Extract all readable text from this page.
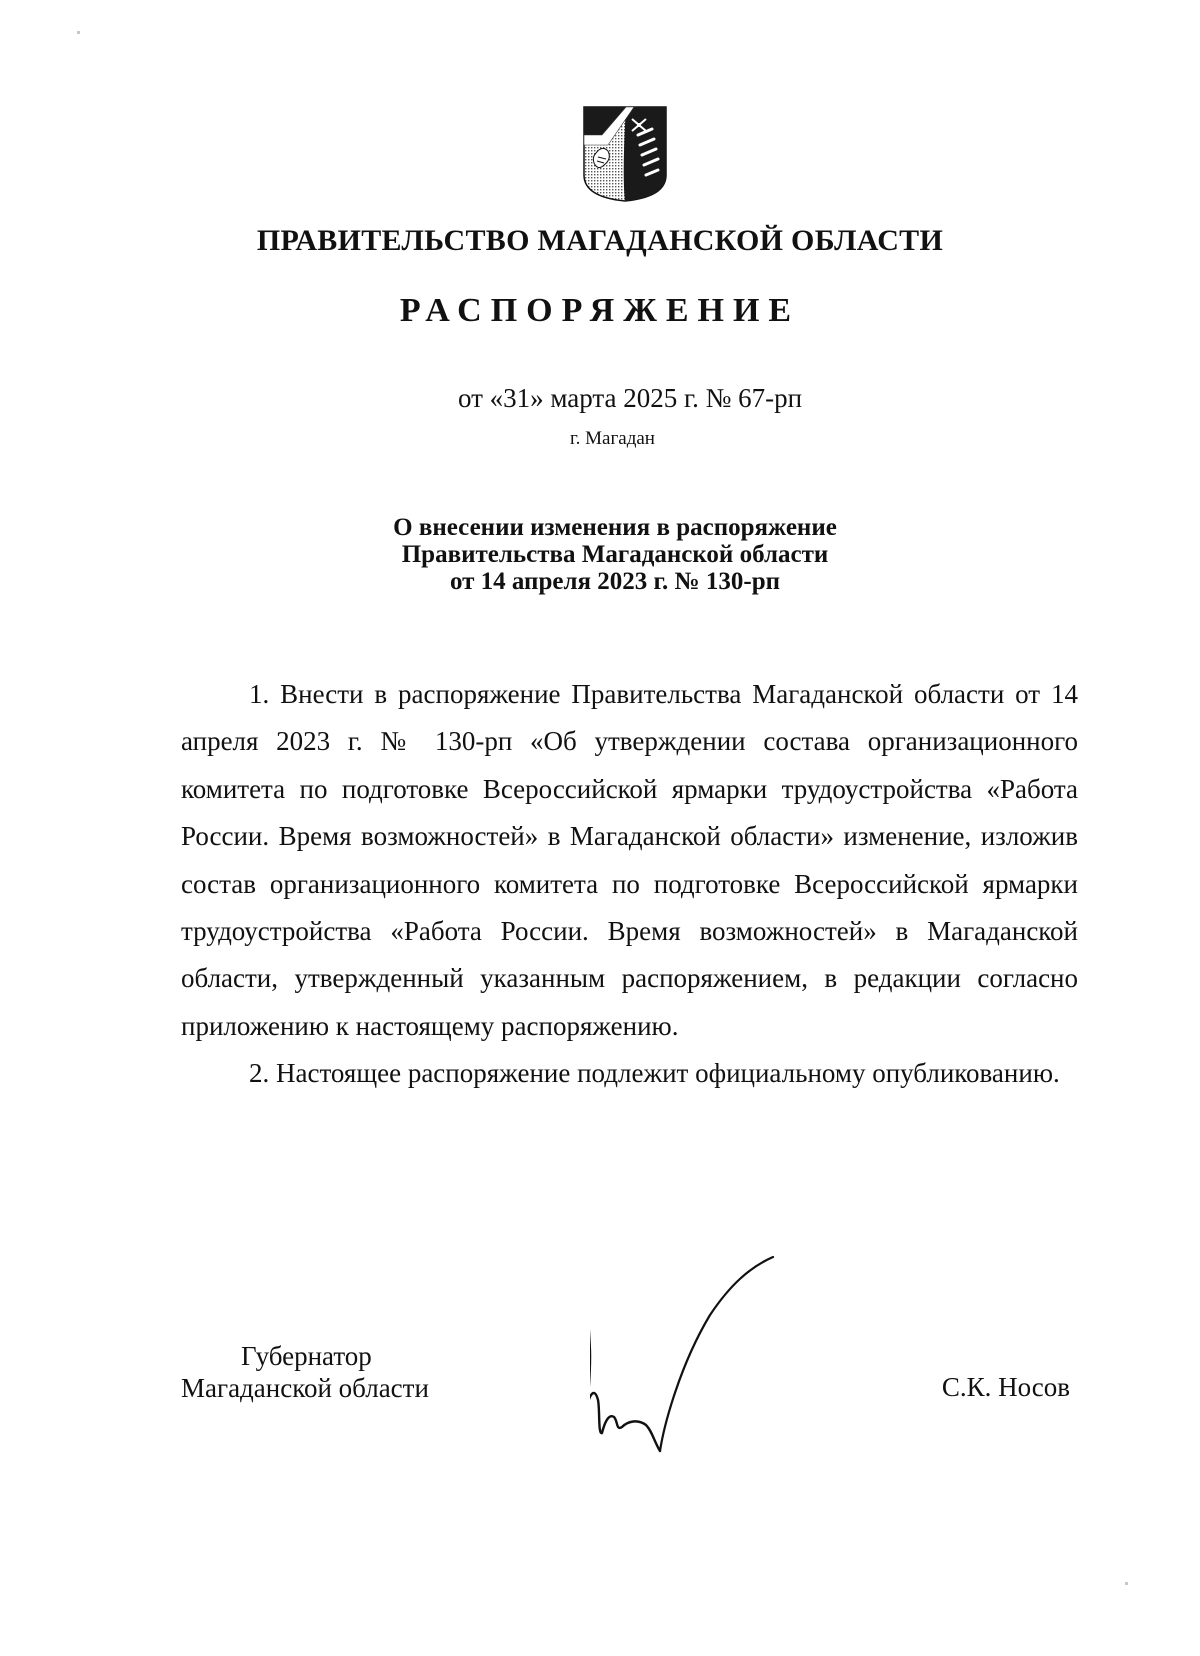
ПРАВИТЕЛЬСТВО МАГАДАНСКОЙ ОБЛАСТИ
РАСПОРЯЖЕНИЕ
от «31» марта 2025 г. № 67-рп
г. Магадан
О внесении изменения в распоряжение
Правительства Магаданской области
от 14 апреля 2023 г. № 130-рп

1. Внести в распоряжение Правительства Магаданской области от 14 апреля 2023 г. № 130-рп «Об утверждении состава организационного комитета по подготовке Всероссийской ярмарки трудоустройства «Работа России. Время возможностей» в Магаданской области» изменение, изложив состав организационного комитета по подготовке Всероссийской ярмарки трудоустройства «Работа России. Время возможностей» в Магаданской области, утвержденный указанным распоряжением, в редакции согласно приложению к настоящему распоряжению.

2. Настоящее распоряжение подлежит официальному опубликованию.

Губернатор
Магаданской области	С.К. Носов
